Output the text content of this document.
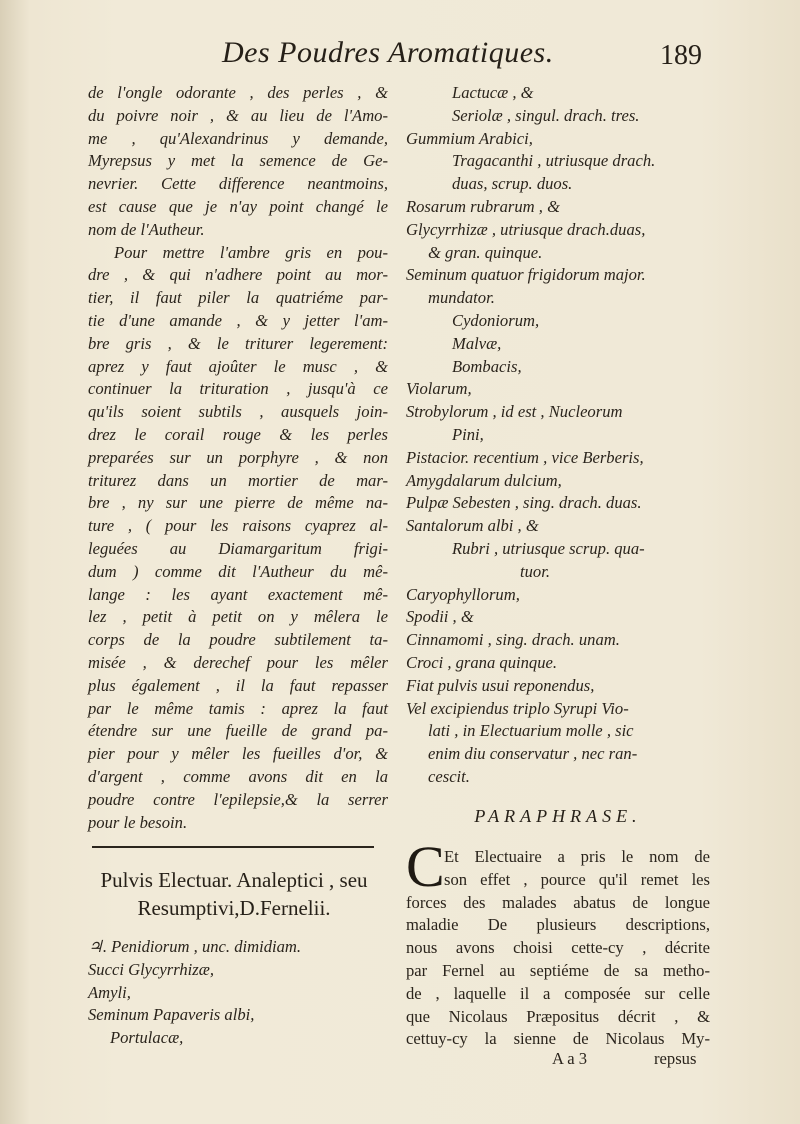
Des Poudres Aromatiques.	189
de l'ongle odorante , des perles , &
du poivre noir , & au lieu de l'Amo-
me , qu'Alexandrinus y demande,
Myrepsus y met la semence de Ge-
nevrier. Cette difference neantmoins,
est cause que je n'ay point changé le
nom de l'Autheur.
Pour mettre l'ambre gris en pou-
dre , & qui n'adhere point au mor-
tier, il faut piler la quatriéme par-
tie d'une amande , & y jetter l'am-
bre gris , & le triturer legerement:
aprez y faut ajoûter le musc , &
continuer la trituration , jusqu'à ce
qu'ils soient subtils , ausquels join-
drez le corail rouge & les perles
preparées sur un porphyre , & non
triturez dans un mortier de mar-
bre , ny sur une pierre de même na-
ture , ( pour les raisons cyaprez al-
leguées au Diamargaritum frigi-
dum ) comme dit l'Autheur du mê-
lange : les ayant exactement mê-
lez , petit à petit on y mêlera le
corps de la poudre subtilement ta-
misée , & derechef pour les mêler
plus également , il la faut repasser
par le même tamis : aprez la faut
étendre sur une fueille de grand pa-
pier pour y mêler les fueilles d'or, &
d'argent , comme avons dit en la
poudre contre l'epilepsie,& la serrer
pour le besoin.
Pulvis Electuar. Analeptici , seu
Resumptivi,D.Fernelii.
♃. Penidiorum , unc. dimidiam.
Succi Glycyrrhizæ,
Amyli,
Seminum Papaveris albi,
Portulacæ,
Lactucæ , &
Seriolæ , singul. drach. tres.
Gummium Arabici,
Tragacanthi , utriusque drach.
duas, scrup. duos.
Rosarum rubrarum , &
Glycyrrhizæ , utriusque drach.duas,
& gran. quinque.
Seminum quatuor frigidorum major.
mundator.
Cydoniorum,
Malvæ,
Bombacis,
Violarum,
Strobylorum , id est , Nucleorum
Pini,
Pistacior. recentium , vice Berberis,
Amygdalarum dulcium,
Pulpæ Sebesten , sing. drach. duas.
Santalorum albi , &
Rubri , utriusque scrup. qua-
tuor.
Caryophyllorum,
Spodii , &
Cinnamomi , sing. drach. unam.
Croci , grana quinque.
Fiat pulvis usui reponendus,
Vel excipiendus triplo Syrupi Vio-
lati , in Electuarium molle , sic
enim diu conservatur , nec ran-
cescit.
PARAPHRASE.
C Et Electuaire a pris le nom de
son effet , pource qu'il remet les
forces des malades abatus de longue
maladie De plusieurs descriptions,
nous avons choisi cette-cy , décrite
par Fernel au septiéme de sa metho-
de , laquelle il a composée sur celle
que Nicolaus Præpositus décrit , &
cettuy-cy la sienne de Nicolaus My-
A a 3	repsus
